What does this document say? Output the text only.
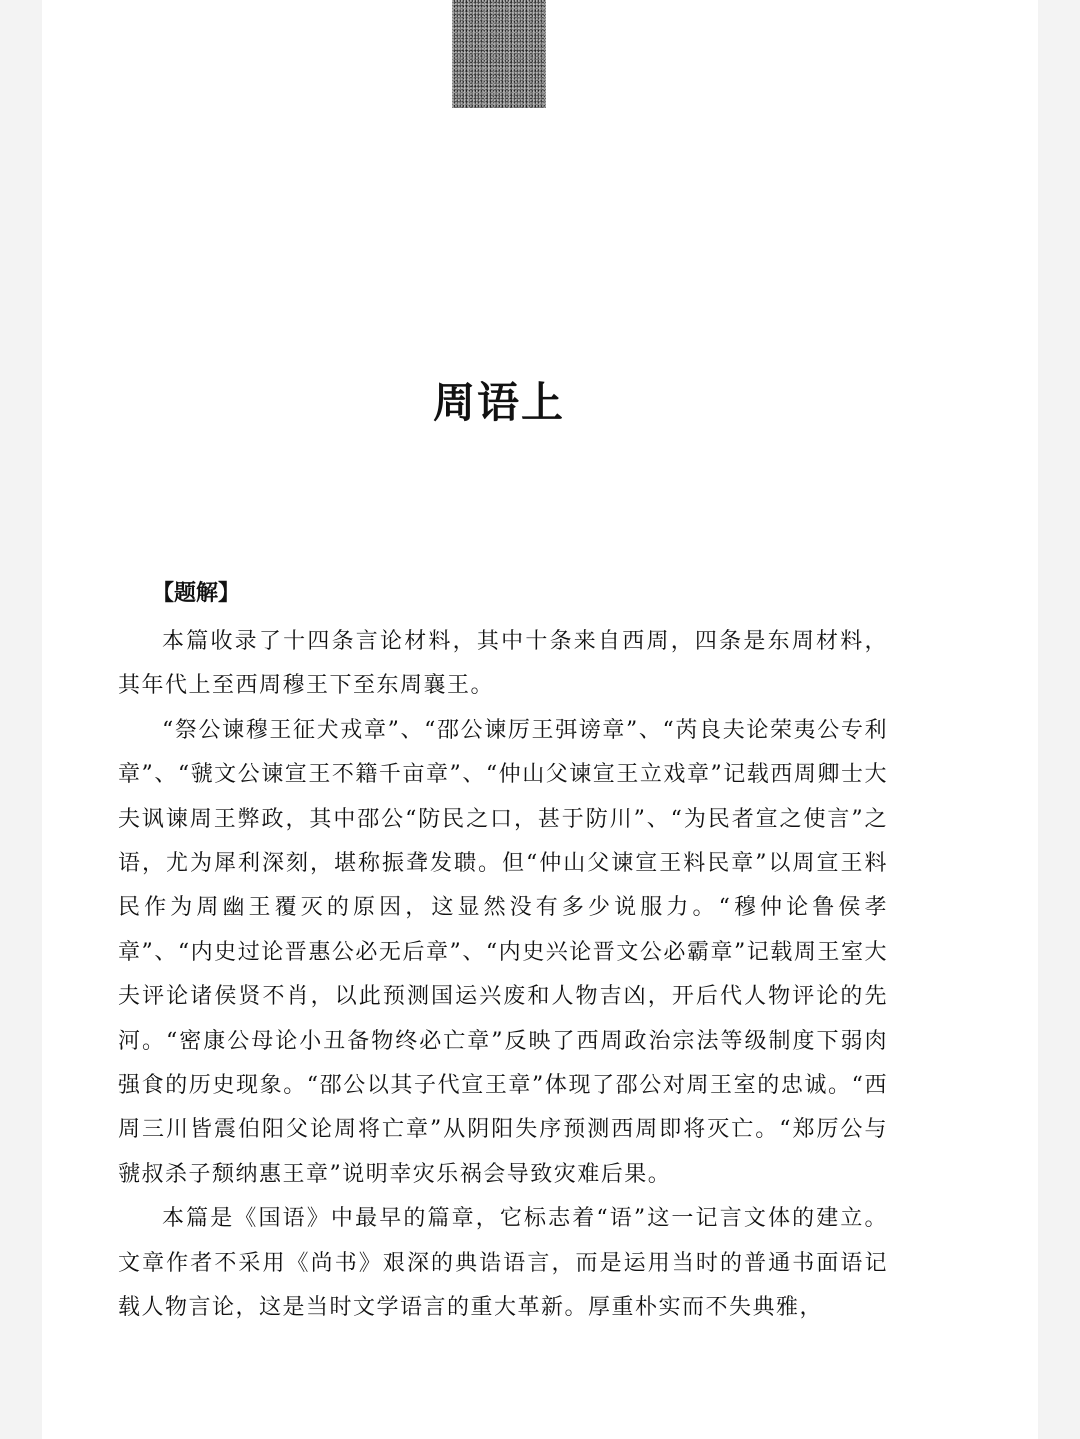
周语上
【题解】

本篇收录了十四条言论材料，其中十条来自西周，四条是东周材料，其年代上至西周穆王下至东周襄王。

“祭公谏穆王征犬戎章”、“邵公谏厉王弭谤章”、“芮良夫论荣夷公专利章”、“虢文公谏宣王不籍千亩章”、“仲山父谏宣王立戏章”记载西周卿士大夫讽谏周王弊政，其中邵公“防民之口，甚于防川”、“为民者宣之使言”之语，尤为犀利深刻，堪称振聋发聩。但“仲山父谏宣王料民章”以周宣王料民作为周幽王覆灭的原因，这显然没有多少说服力。“穆仲论鲁侯孝章”、“内史过论晋惠公必无后章”、“内史兴论晋文公必霸章”记载周王室大夫评论诸侯贤不肖，以此预测国运兴废和人物吉凶，开后代人物评论的先河。“密康公母论小丑备物终必亡章”反映了西周政治宗法等级制度下弱肉强食的历史现象。“邵公以其子代宣王章”体现了邵公对周王室的忠诚。“西周三川皆震伯阳父论周将亡章”从阴阳失序预测西周即将灭亡。“郑厉公与虢叔杀子颓纳惠王章”说明幸灾乐祸会导致灾难后果。

本篇是《国语》中最早的篇章，它标志着“语”这一记言文体的建立。文章作者不采用《尚书》艰深的典诰语言，而是运用当时的普通书面语记载人物言论，这是当时文学语言的重大革新。厚重朴实而不失典雅，
